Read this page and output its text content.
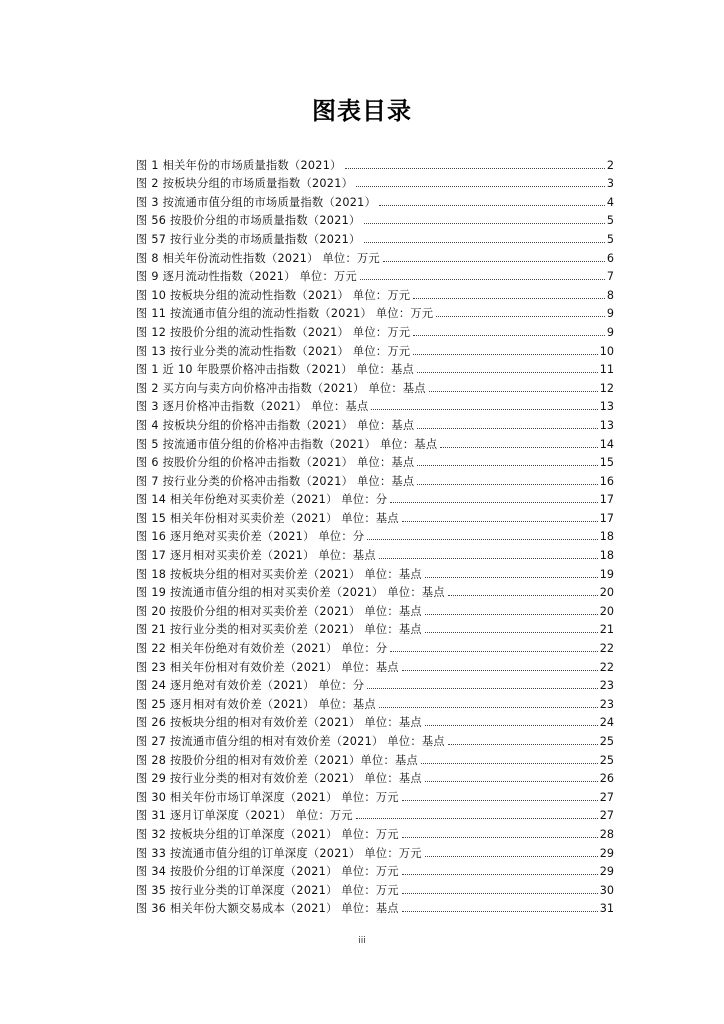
图表目录
图 1 相关年份的市场质量指数（2021）	2
图 2 按板块分组的市场质量指数（2021）	3
图 3 按流通市值分组的市场质量指数（2021）	4
图 56 按股价分组的市场质量指数（2021）	5
图 57 按行业分类的市场质量指数（2021）	5
图 8 相关年份流动性指数（2021） 单位：万元	6
图 9 逐月流动性指数（2021） 单位：万元	7
图 10 按板块分组的流动性指数（2021） 单位：万元	8
图 11 按流通市值分组的流动性指数（2021） 单位：万元	9
图 12 按股价分组的流动性指数（2021） 单位：万元	9
图 13 按行业分类的流动性指数（2021） 单位：万元	10
图 1 近 10 年股票价格冲击指数（2021） 单位：基点	11
图 2 买方向与卖方向价格冲击指数（2021） 单位：基点	12
图 3 逐月价格冲击指数（2021） 单位：基点	13
图 4 按板块分组的价格冲击指数（2021） 单位：基点	13
图 5 按流通市值分组的价格冲击指数（2021） 单位：基点	14
图 6 按股价分组的价格冲击指数（2021） 单位：基点	15
图 7 按行业分类的价格冲击指数（2021） 单位：基点	16
图 14 相关年份绝对买卖价差（2021） 单位：分	17
图 15 相关年份相对买卖价差（2021） 单位：基点	17
图 16 逐月绝对买卖价差（2021） 单位：分	18
图 17 逐月相对买卖价差（2021） 单位：基点	18
图 18 按板块分组的相对买卖价差（2021） 单位：基点	19
图 19 按流通市值分组的相对买卖价差（2021） 单位：基点	20
图 20 按股价分组的相对买卖价差（2021） 单位：基点	20
图 21 按行业分类的相对买卖价差（2021） 单位：基点	21
图 22 相关年份绝对有效价差（2021） 单位：分	22
图 23 相关年份相对有效价差（2021） 单位：基点	22
图 24 逐月绝对有效价差（2021） 单位：分	23
图 25 逐月相对有效价差（2021） 单位：基点	23
图 26 按板块分组的相对有效价差（2021） 单位：基点	24
图 27 按流通市值分组的相对有效价差（2021） 单位：基点	25
图 28 按股价分组的相对有效价差（2021）单位：基点	25
图 29 按行业分类的相对有效价差（2021） 单位：基点	26
图 30 相关年份市场订单深度（2021） 单位：万元	27
图 31 逐月订单深度（2021） 单位：万元	27
图 32 按板块分组的订单深度（2021） 单位：万元	28
图 33 按流通市值分组的订单深度（2021） 单位：万元	29
图 34 按股价分组的订单深度（2021） 单位：万元	29
图 35 按行业分类的订单深度（2021） 单位：万元	30
图 36 相关年份大额交易成本（2021） 单位：基点	31
iii
